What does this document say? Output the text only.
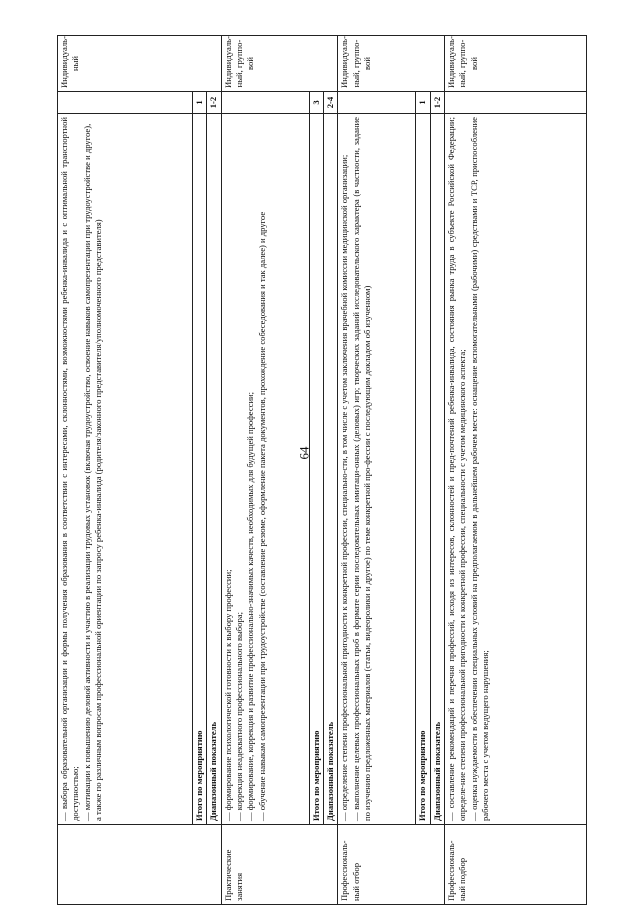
64

	— выбора образовательной организации и формы получения образования в соответствии с интересами, склонностями, возможностями ребенка-инвалида и с оптимальной транспортной доступностью; — мотивации к повышению деловой активности и участию в реализации трудовых установок (включая трудоустройство, освоение навыков самопрезентации при трудоустройстве и другое), а также по различным вопросам профессиональной ориентации по запросу ребенка-инвалида (родителя/законного представителя/уполномоченного представителя)		Индивидуаль-ный
	Итого по мероприятию	1	
	Диапазонный показатель	1-2	
Практические занятия	— формирование психологической готовности к выбору профессии; — коррекция неадекватного профессионального выбора; — формирование, коррекция и развитие профессионально-значимых качеств, необходимых для будущей профессии; — обучение навыкам самопрезентации при трудоустройстве (составление резюме, оформление пакета документов, прохождение собеседования и так далее) и другое		Индивидуаль-ный, группо-вой
	Итого по мероприятию	3	
	Диапазонный показатель	2-4	
Профессиональ-ный отбор	— определение степени профессиональной пригодности к конкретной профессии, специально-сти, в том числе с учетом заключения врачебной комиссии медицинской организации; — выполнение целевых профессиональных проб в формате серии последовательных имитаци-онных (деловых) игр; творческих заданий исследовательского характера (в частности, задание по изучению предложенных материалов (статьи, видеоролики и другое) по теме конкретной про-фессии с последующим докладом об изученном)		Индивидуаль-ный, группо-вой
	Итого по мероприятию	1	
	Диапазонный показатель	1-2	
Профессиональ-ный подбор	— составление рекомендаций и перечня профессий, исходя из интересов, склонностей и пред-почтений ребенка-инвалида, состояния рынка труда в субъекте Российской Федерации; определе-ние степени профессиональной пригодности к конкретной профессии, специальности с учетом медицинского аспекта; — оценка нуждаемости в обеспечении специальных условий на предполагаемом в дальнейшем рабочем месте: оснащение вспомогательными (рабочими) средствами и ТСР, приспособление рабочего места с учетом ведущего нарушения;		Индивидуаль-ный, группо-вой
